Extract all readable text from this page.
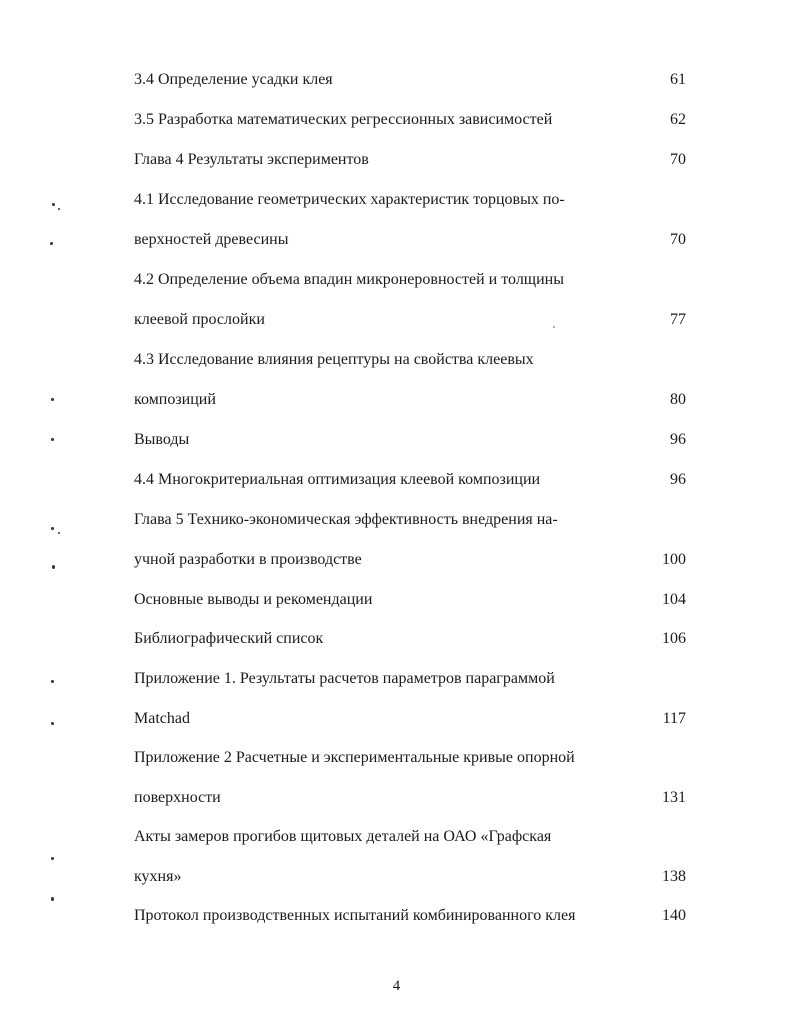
3.4 Определение усадки клея	61
3.5 Разработка математических регрессионных зависимостей	62
Глава 4 Результаты экспериментов	70
4.1 Исследование геометрических характеристик торцовых по-
верхностей древесины	70
4.2 Определение объема впадин микронеровностей и толщины
клеевой прослойки	77
4.3 Исследование влияния рецептуры на свойства клеевых
композиций	80
Выводы	96
4.4 Многокритериальная оптимизация клеевой композиции	96
Глава 5 Технико-экономическая эффективность внедрения на-
учной разработки в производстве	100
Основные выводы и рекомендации	104
Библиографический список	106
Приложение 1. Результаты расчетов параметров параграммой
Matchad	117
Приложение 2 Расчетные и экспериментальные кривые опорной
поверхности	131
Акты замеров прогибов щитовых деталей на ОАО «Графская
кухня»	138
Протокол производственных испытаний комбинированного клея	140
4
